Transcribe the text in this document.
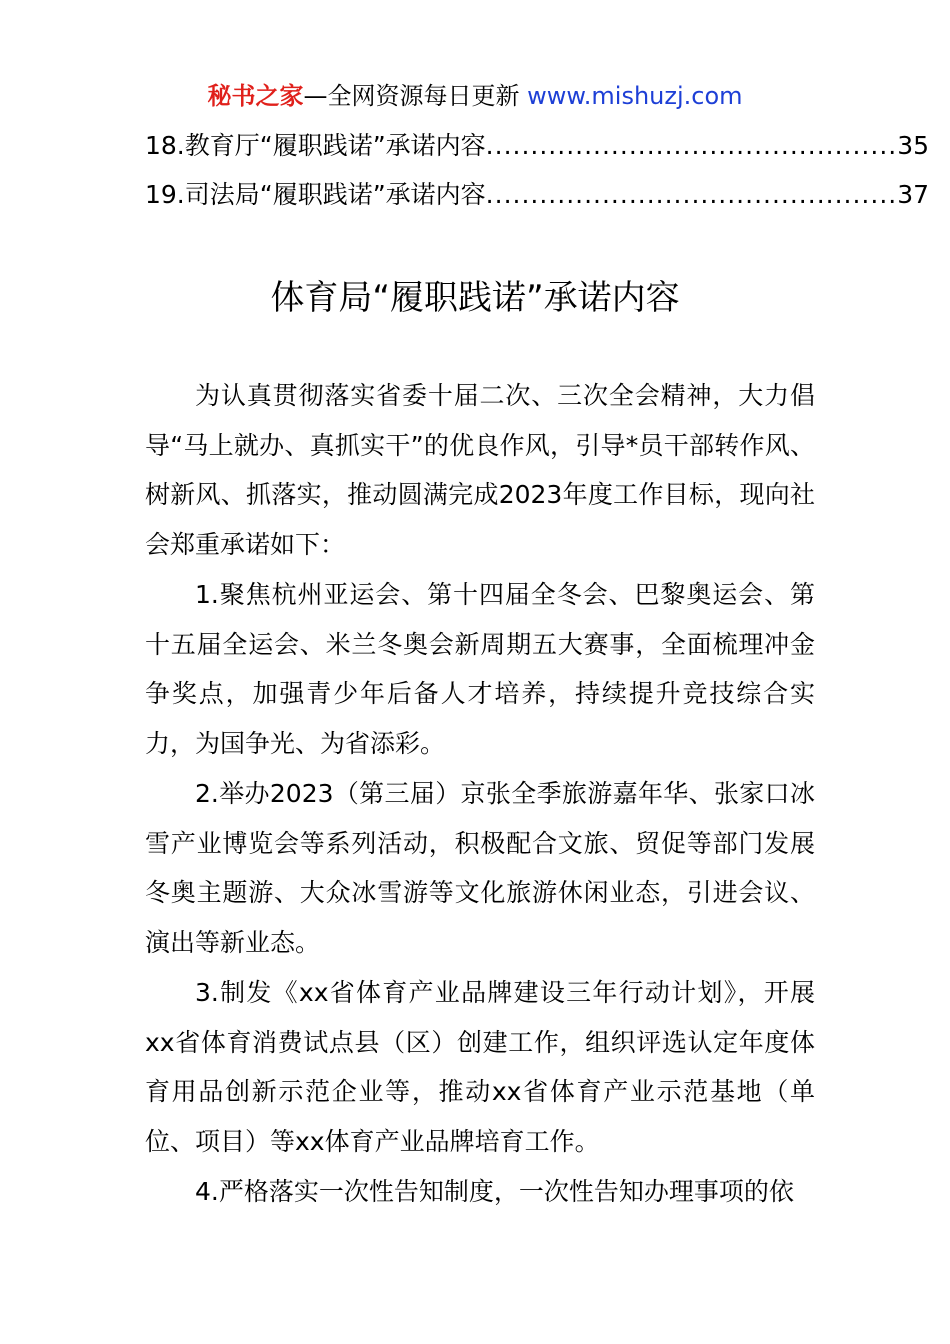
秘书之家—全网资源每日更新 www.mishuzj.com
18.教育厅“履职践诺”承诺内容 .............................................. 35
19.司法局“履职践诺”承诺内容 .............................................. 37
体育局“履职践诺”承诺内容

为认真贯彻落实省委十届二次、三次全会精神，大力倡导“马上就办、真抓实干”的优良作风，引导*员干部转作风、树新风、抓落实，推动圆满完成2023年度工作目标，现向社会郑重承诺如下：

1.聚焦杭州亚运会、第十四届全冬会、巴黎奥运会、第十五届全运会、米兰冬奥会新周期五大赛事，全面梳理冲金争奖点，加强青少年后备人才培养，持续提升竞技综合实力，为国争光、为省添彩。

2.举办2023（第三届）京张全季旅游嘉年华、张家口冰雪产业博览会等系列活动，积极配合文旅、贸促等部门发展冬奥主题游、大众冰雪游等文化旅游休闲业态，引进会议、演出等新业态。

3.制发《xx省体育产业品牌建设三年行动计划》，开展xx省体育消费试点县（区）创建工作，组织评选认定年度体育用品创新示范企业等，推动xx省体育产业示范基地（单位、项目）等xx体育产业品牌培育工作。

4.严格落实一次性告知制度，一次性告知办理事项的依
